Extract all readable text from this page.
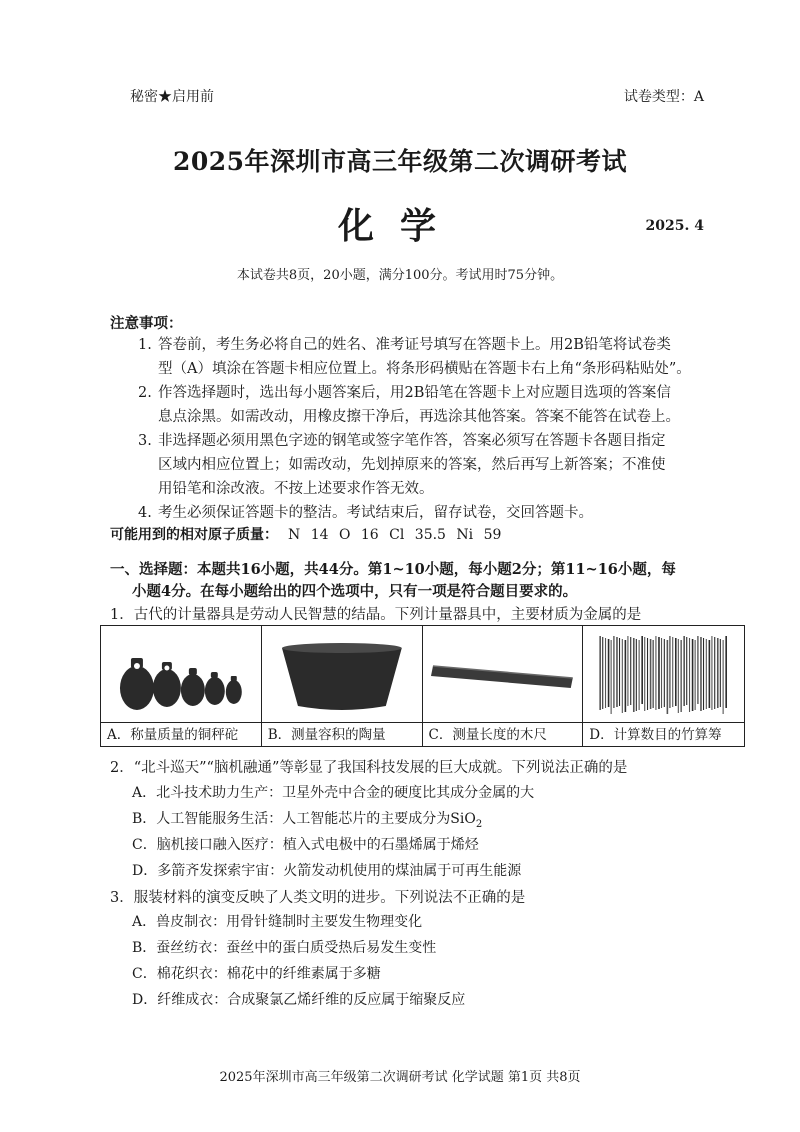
秘密★启用前	试卷类型：A
2025年深圳市高三年级第二次调研考试
化学	2025. 4
本试卷共8页，20小题，满分100分。考试用时75分钟。
注意事项：
1. 答卷前，考生务必将自己的姓名、准考证号填写在答题卡上。用2B铅笔将试卷类
型（A）填涂在答题卡相应位置上。将条形码横贴在答题卡右上角“条形码粘贴处”。
2. 作答选择题时，选出每小题答案后，用2B铅笔在答题卡上对应题目选项的答案信
息点涂黑。如需改动，用橡皮擦干净后，再选涂其他答案。答案不能答在试卷上。
3. 非选择题必须用黑色字迹的钢笔或签字笔作答，答案必须写在答题卡各题目指定
区域内相应位置上；如需改动，先划掉原来的答案，然后再写上新答案；不准使
用铅笔和涂改液。不按上述要求作答无效。
4. 考生必须保证答题卡的整洁。考试结束后，留存试卷，交回答题卡。
可能用到的相对原子质量： N 14 O 16 Cl 35.5 Ni 59
一、选择题：本题共16小题，共44分。第1~10小题，每小题2分；第11~16小题，每
小题4分。在每小题给出的四个选项中，只有一项是符合题目要求的。
1．古代的计量器具是劳动人民智慧的结晶。下列计量器具中，主要材质为金属的是
A．称量质量的铜秤砣	B．测量容积的陶量	C．测量长度的木尺	D．计算数目的竹算筹
2．“北斗巡天”“脑机融通”等彰显了我国科技发展的巨大成就。下列说法正确的是
A．北斗技术助力生产：卫星外壳中合金的硬度比其成分金属的大
B．人工智能服务生活：人工智能芯片的主要成分为SiO$_2$
C．脑机接口融入医疗：植入式电极中的石墨烯属于烯烃
D．多箭齐发探索宇宙：火箭发动机使用的煤油属于可再生能源
3．服装材料的演变反映了人类文明的进步。下列说法不正确的是
A．兽皮制衣：用骨针缝制时主要发生物理变化
B．蚕丝纺衣：蚕丝中的蛋白质受热后易发生变性
C．棉花织衣：棉花中的纤维素属于多糖
D．纤维成衣：合成聚氯乙烯纤维的反应属于缩聚反应
2025年深圳市高三年级第二次调研考试 化学试题 第1页 共8页
